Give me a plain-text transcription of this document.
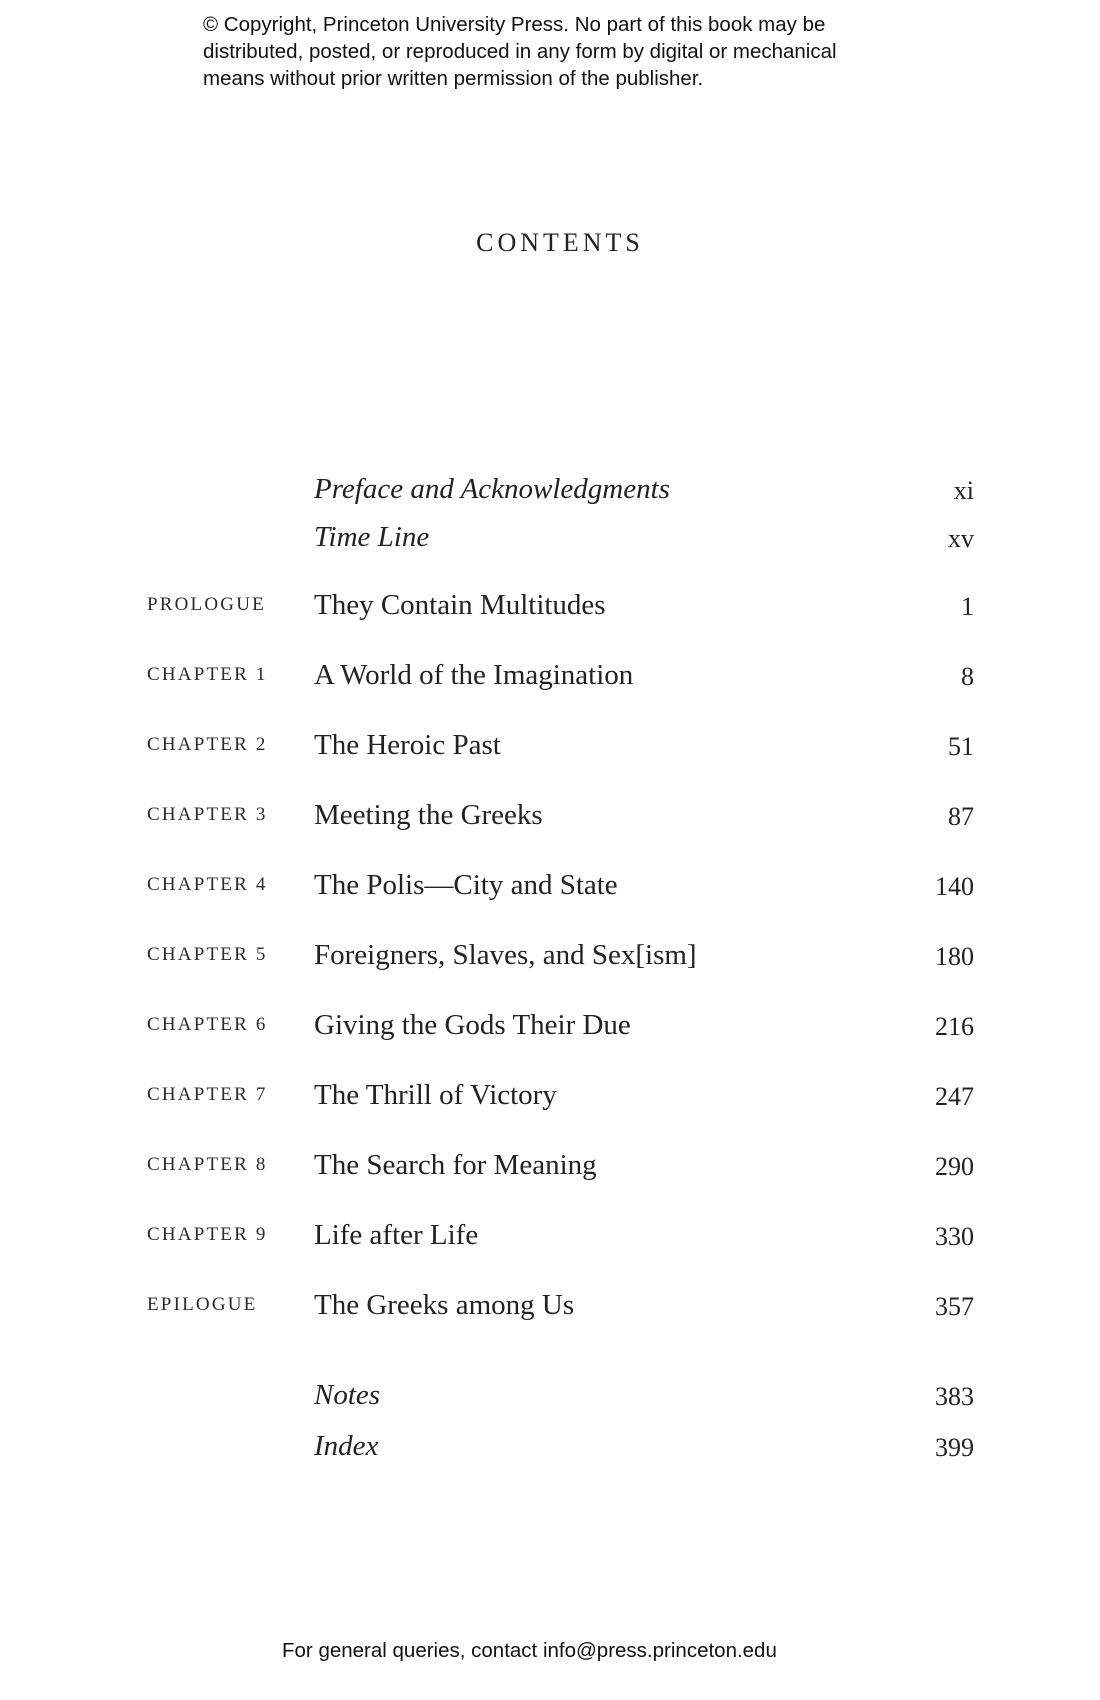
© Copyright, Princeton University Press. No part of this book may be
distributed, posted, or reproduced in any form by digital or mechanical
means without prior written permission of the publisher.
CONTENTS
Preface and Acknowledgments	xi
Time Line	xv
PROLOGUE They Contain Multitudes	1
CHAPTER 1 A World of the Imagination	8
CHAPTER 2 The Heroic Past	51
CHAPTER 3 Meeting the Greeks	87
CHAPTER 4 The Polis—City and State	140
CHAPTER 5 Foreigners, Slaves, and Sex[ism]	180
CHAPTER 6 Giving the Gods Their Due	216
CHAPTER 7 The Thrill of Victory	247
CHAPTER 8 The Search for Meaning	290
CHAPTER 9 Life after Life	330
EPILOGUE The Greeks among Us	357
Notes	383
Index	399
For general queries, contact info@press.princeton.edu
